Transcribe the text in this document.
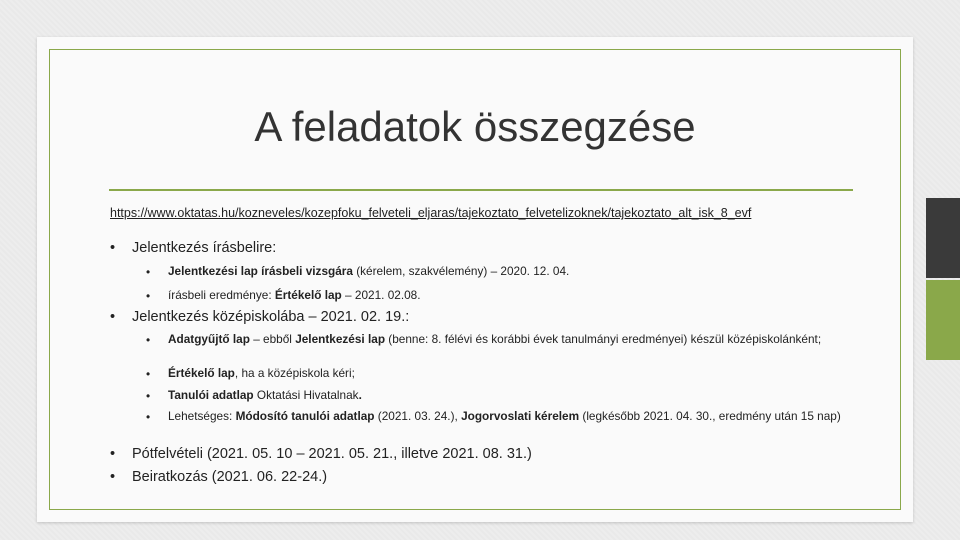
A feladatok összegzése
https://www.oktatas.hu/kozneveles/kozepfoku_felveteli_eljaras/tajekoztato_felvetelizoknek/tajekoztato_alt_isk_8_evf
•	Jelentkezés írásbelire:
•	Jelentkezési lap írásbeli vizsgára (kérelem, szakvélemény) – 2020. 12. 04.
•	írásbeli eredménye: Értékelő lap – 2021. 02.08.
•	Jelentkezés középiskolába – 2021. 02. 19.:
•	Adatgyűjtő lap – ebből Jelentkezési lap (benne: 8. félévi és korábbi évek tanulmányi eredményei) készül középiskolánként;
•	Értékelő lap, ha a középiskola kéri;
•	Tanulói adatlap Oktatási Hivatalnak.
•	Lehetséges: Módosító tanulói adatlap (2021. 03. 24.), Jogorvoslati kérelem (legkésőbb 2021. 04. 30., eredmény után 15 nap)
•	Pótfelvételi (2021. 05. 10 – 2021. 05. 21., illetve 2021. 08. 31.)
•	Beiratkozás (2021. 06. 22-24.)
